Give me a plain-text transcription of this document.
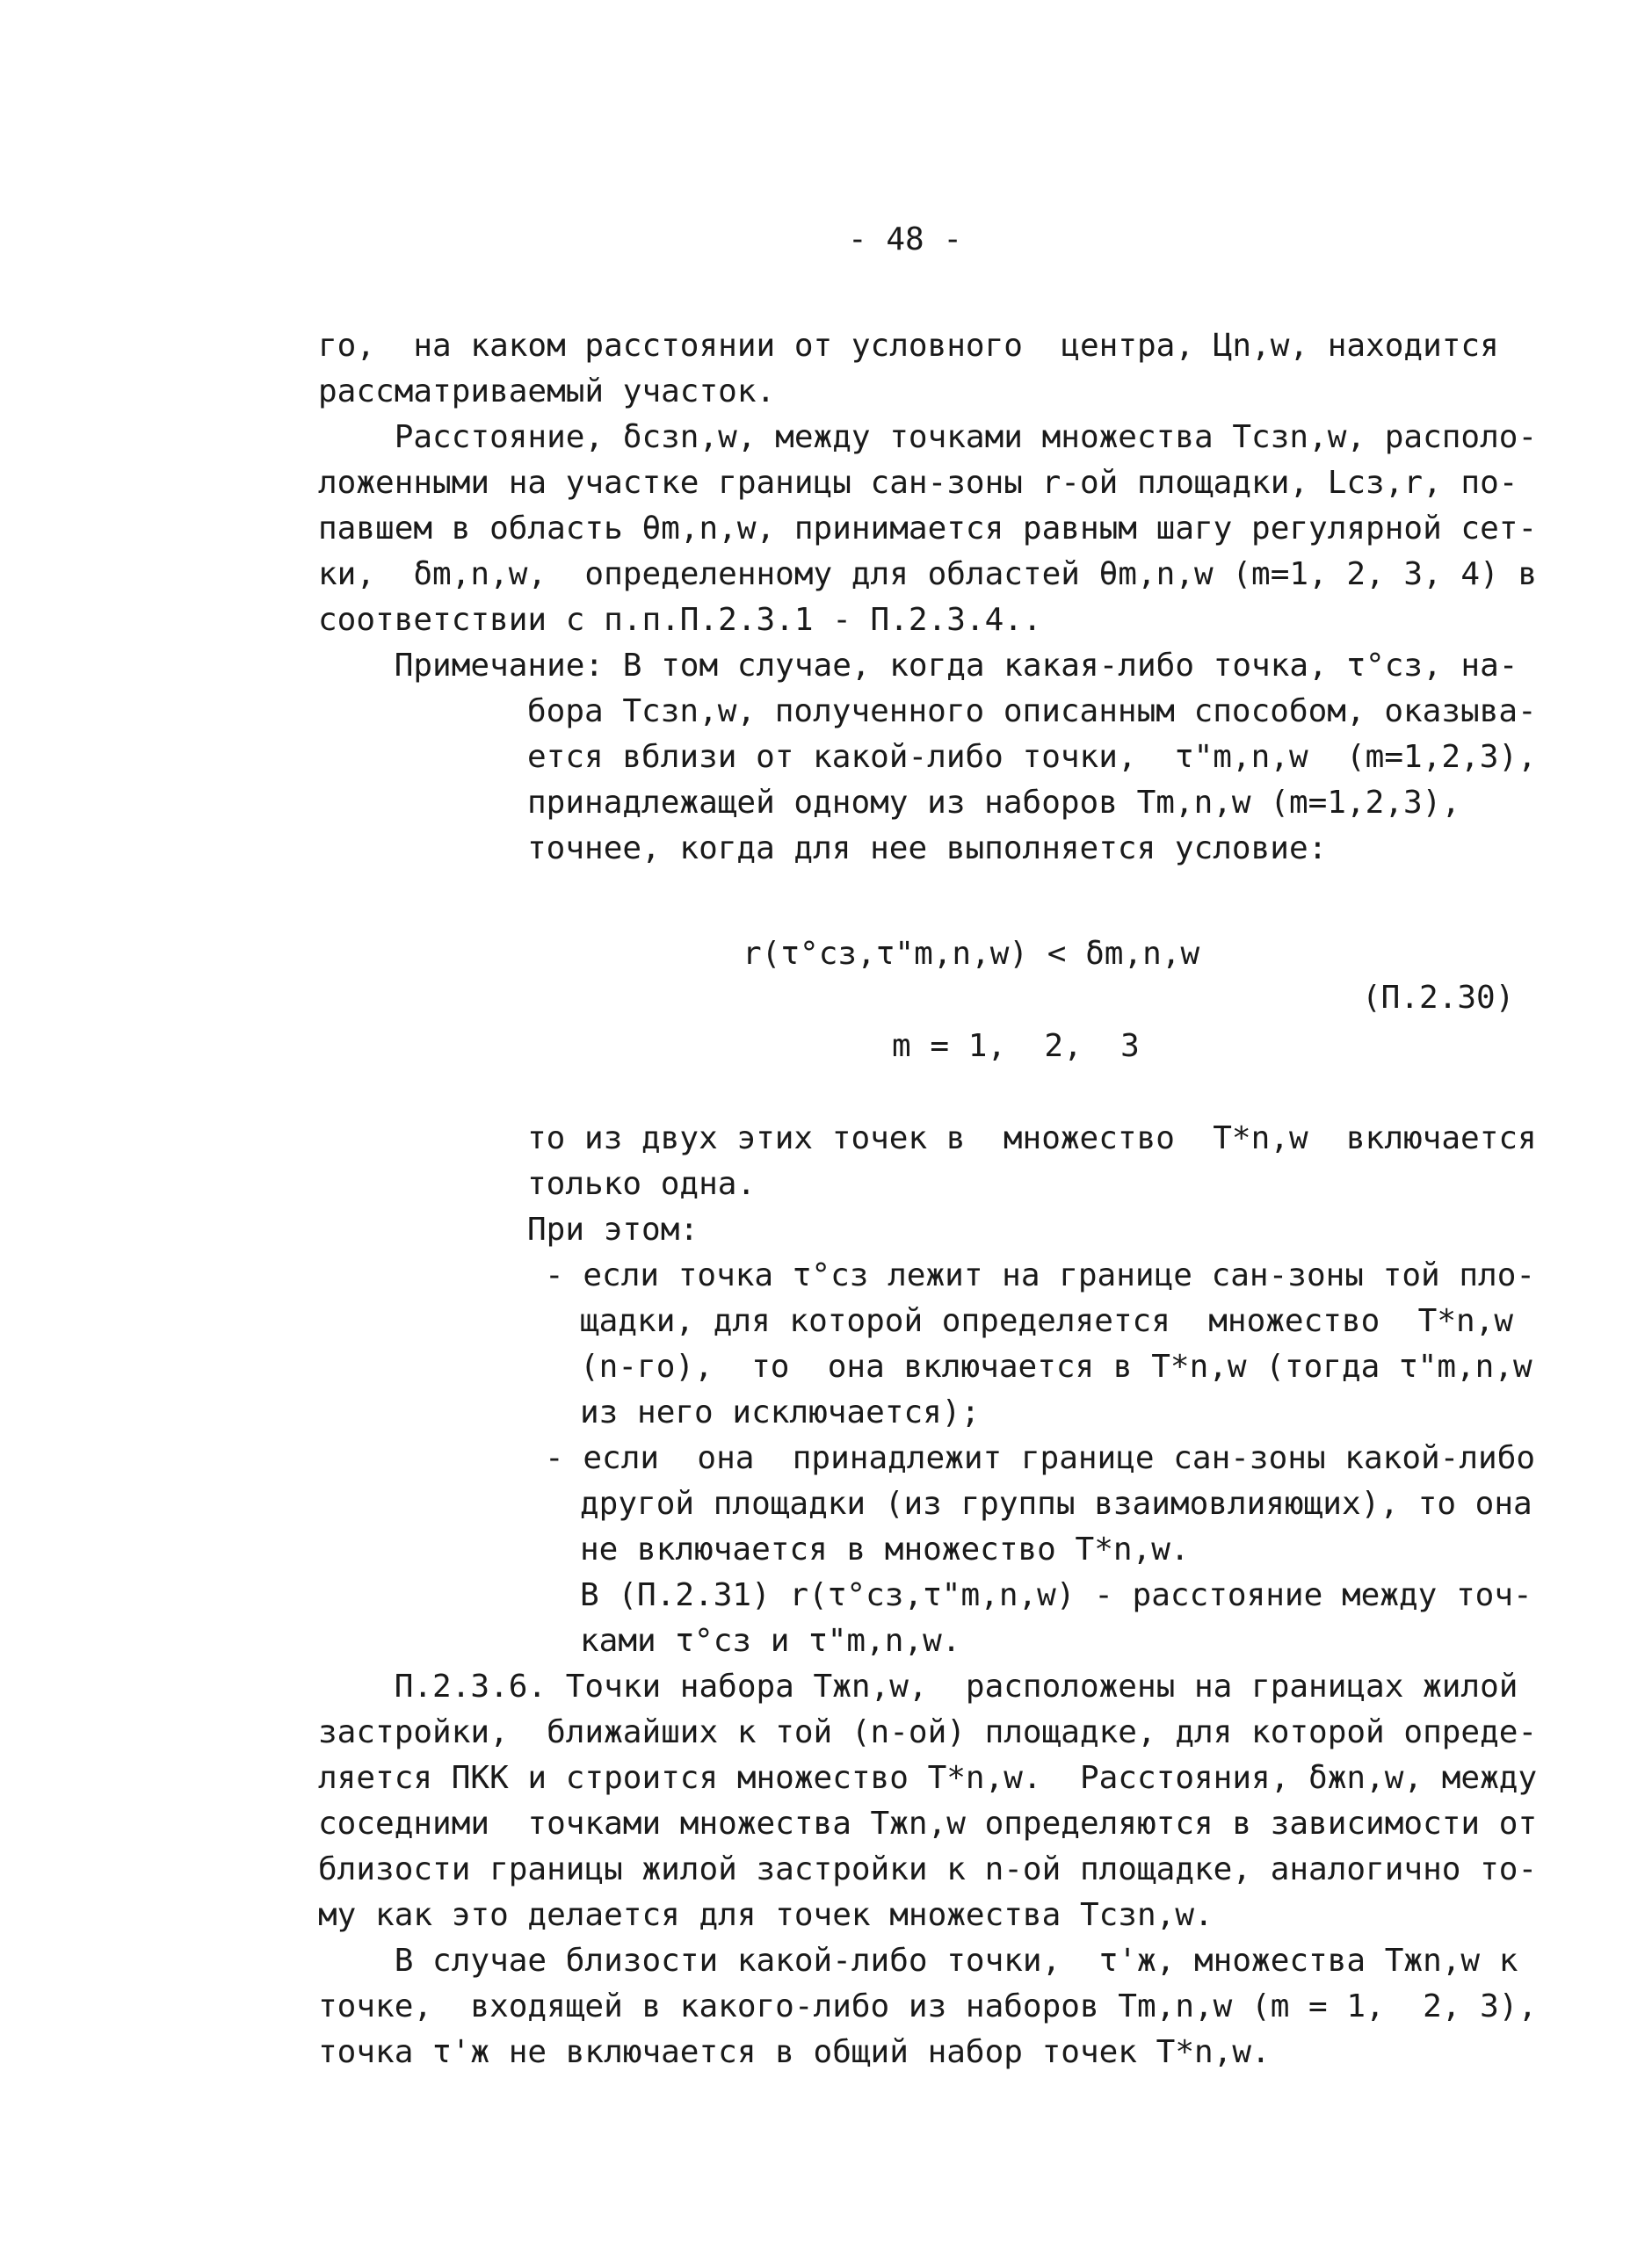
- 48 -
го,  на каком расстоянии от условного  центра, Цn,w, находится
рассматриваемый участок.
Расстояние, δсзn,w, между точками множества Тсзn,w, располо-
ложенными на участке границы сан-зоны r-ой площадки, Lсз,r, по-
павшем в область θm,n,w, принимается равным шагу регулярной сет-
ки,  δm,n,w,  определенному для областей θm,n,w (m=1, 2, 3, 4) в
соответствии с п.п.П.2.3.1 - П.2.3.4..
Примечание: В том случае, когда какая-либо точка, τ°сз, на-
бора Тсзn,w, полученного описанным способом, оказыва-
ется вблизи от какой-либо точки,  τ"m,n,w  (m=1,2,3),
принадлежащей одному из наборов Тm,n,w (m=1,2,3),
точнее, когда для нее выполняется условие:
r(τ°сз,τ"m,n,w) < δm,n,w
(П.2.30)
m = 1,  2,  3
то из двух этих точек в  множество  Т*n,w  включается
только одна.
При этом:
- если точка τ°сз лежит на границе сан-зоны той пло-
щадки, для которой определяется  множество  Т*n,w
(n-го),  то  она включается в Т*n,w (тогда τ"m,n,w
из него исключается);
- если  она  принадлежит границе сан-зоны какой-либо
другой площадки (из группы взаимовлияющих), то она
не включается в множество Т*n,w.
В (П.2.31) r(τ°сз,τ"m,n,w) - расстояние между точ-
ками τ°сз и τ"m,n,w.
П.2.3.6. Точки набора Тжn,w,  расположены на границах жилой
застройки,  ближайших к той (n-ой) площадке, для которой опреде-
ляется ПКК и строится множество Т*n,w.  Расстояния, δжn,w, между
соседними  точками множества Тжn,w определяются в зависимости от
близости границы жилой застройки к n-ой площадке, аналогично то-
му как это делается для точек множества Тсзn,w.
В случае близости какой-либо точки,  τ'ж, множества Тжn,w к
точке,  входящей в какого-либо из наборов Тm,n,w (m = 1,  2, 3),
точка τ'ж не включается в общий набор точек Т*n,w.
